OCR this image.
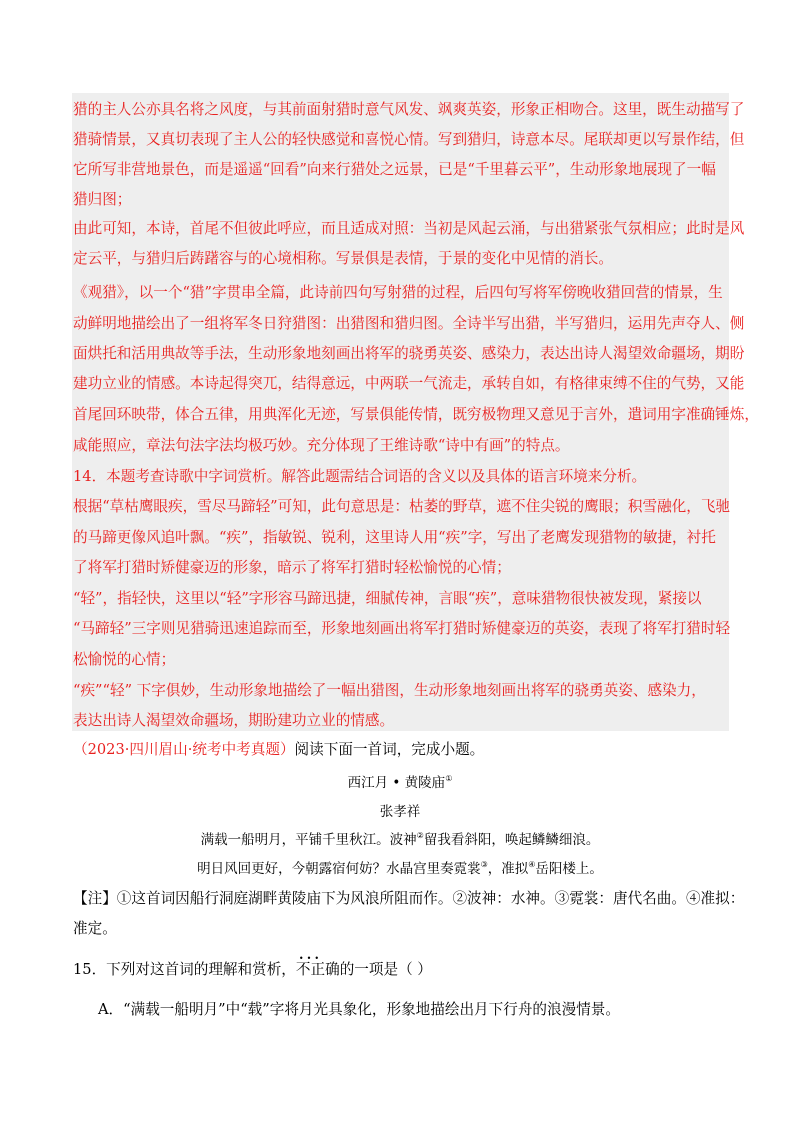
猎的主人公亦具名将之风度，与其前面射猎时意气风发、飒爽英姿，形象正相吻合。这里，既生动描写了
猎骑情景，又真切表现了主人公的轻快感觉和喜悦心情。写到猎归，诗意本尽。尾联却更以写景作结，但
它所写非营地景色，而是遥遥“回看”向来行猎处之远景，已是“千里暮云平”，生动形象地展现了一幅
猎归图；
由此可知，本诗，首尾不但彼此呼应，而且适成对照：当初是风起云涌，与出猎紧张气氛相应；此时是风
定云平，与猎归后踌躇容与的心境相称。写景俱是表情，于景的变化中见情的消长。
《观猎》，以一个“猎”字贯串全篇，此诗前四句写射猎的过程，后四句写将军傍晚收猎回营的情景，生
动鲜明地描绘出了一组将军冬日狩猎图：出猎图和猎归图。全诗半写出猎，半写猎归，运用先声夺人、侧
面烘托和活用典故等手法，生动形象地刻画出将军的骁勇英姿、感染力，表达出诗人渴望效命疆场，期盼
建功立业的情感。本诗起得突兀，结得意远，中两联一气流走，承转自如，有格律束缚不住的气势，又能
首尾回环映带，体合五律，用典浑化无迹，写景俱能传情，既穷极物理又意见于言外，遣词用字准确锤炼，
咸能照应，章法句法字法均极巧妙。充分体现了王维诗歌“诗中有画”的特点。
14．本题考查诗歌中字词赏析。解答此题需结合词语的含义以及具体的语言环境来分析。
根据“草枯鹰眼疾，雪尽马蹄轻”可知，此句意思是：枯萎的野草，遮不住尖锐的鹰眼；积雪融化，飞驰
的马蹄更像风追叶飘。“疾”，指敏锐、锐利，这里诗人用“疾”字，写出了老鹰发现猎物的敏捷，衬托
了将军打猎时矫健豪迈的形象，暗示了将军打猎时轻松愉悦的心情；
“轻”，指轻快，这里以“轻”字形容马蹄迅捷，细腻传神，言眼“疾”，意味猎物很快被发现，紧接以
“马蹄轻”三字则见猎骑迅速追踪而至，形象地刻画出将军打猎时矫健豪迈的英姿，表现了将军打猎时轻
松愉悦的心情；
“疾”“轻” 下字俱妙，生动形象地描绘了一幅出猎图，生动形象地刻画出将军的骁勇英姿、感染力，
表达出诗人渴望效命疆场，期盼建功立业的情感。
（2023·四川眉山·统考中考真题）阅读下面一首词，完成小题。
西江月 • 黄陵庙①
张孝祥
满载一船明月，平铺千里秋江。波神②留我看斜阳，唤起鳞鳞细浪。
明日风回更好，今朝露宿何妨？水晶宫里奏霓裳③，准拟④岳阳楼上。
【注】①这首词因船行洞庭湖畔黄陵庙下为风浪所阻而作。②波神：水神。③霓裳：唐代名曲。④准拟：
准定。
15．下列对这首词的理解和赏析，••• 不正确的一项是（ ）
A．“满载一船明月”中“载”字将月光具象化，形象地描绘出月下行舟的浪漫情景。
